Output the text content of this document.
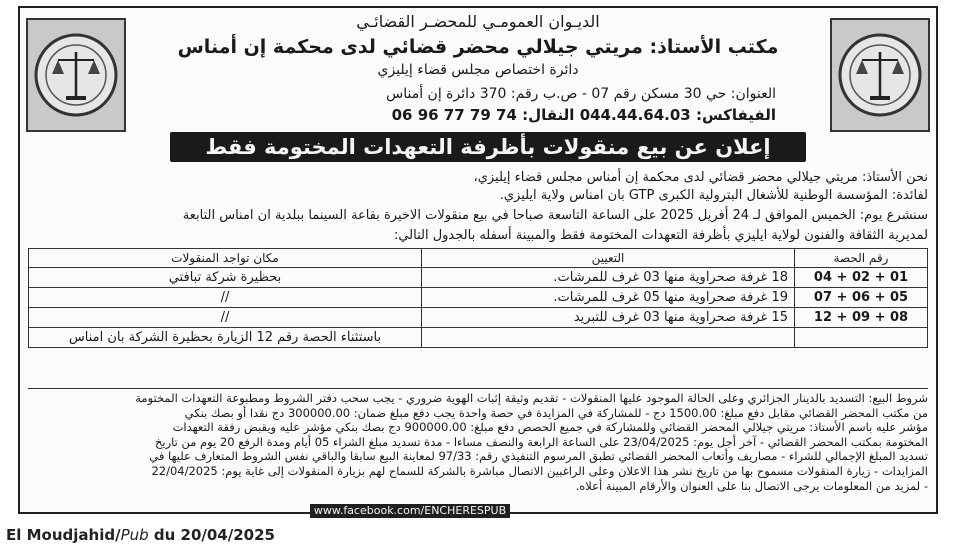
الديـوان العمومـي للمحضـر القضائـي
مكتب الأستاذ: مريتي جيلالي محضر قضائي لدى محكمة إن أمناس
دائرة اختصاص مجلس قضاء إيليزي
العنوان: حي 30 مسكن رقم 07 - ص.ب رقم: 370 دائرة إن أمناس
الفيفاكس: 044.44.64.03 النقال: 74 79 77 96 06
إعلان عن بيع منقولات بأظرفة التعهدات المختومة فقط
نحن الأستاذ: مريتي جيلالي محضر قضائي لدى محكمة إن أمناس مجلس قضاء إيليزي،
لفائدة: المؤسسة الوطنية للأشغال البترولية الكبرى GTP بان امناس ولاية ايليزي.
سنشرع يوم: الخميس الموافق لـ 24 أفريل 2025 على الساعة التاسعة صباحا في بيع منقولات الاخيرة بقاعة السينما ببلدية ان امناس التابعة
لمديرية الثقافة والفنون لولاية ايليزي بأظرفة التعهدات المختومة فقط والمبينة أسفله بالجدول التالي:
رقم الحصة	التعيين	مكان تواجد المنقولات
01 + 02 + 04	18 غرفة صحراوية منها 03 غرف للمرشات.	بحظيرة شركة تبافتي
05 + 06 + 07	19 غرفة صحراوية منها 05 غرف للمرشات.	//
08 + 09 + 12	15 غرفة صحراوية منها 03 غرف للتبريد	//
		باستثناء الحصة رقم 12 الزيارة بحظيرة الشركة بان امناس
شروط البيع: التسديد بالدينار الجزائري وعلى الحالة الموجود عليها المنقولات - تقديم وثيقة إثبات الهوية ضروري - يجب سحب دفتر الشروط ومطبوعة التعهدات المختومة
من مكتب المحضر القضائي مقابل دفع مبلغ: 1500.00 دج - للمشاركة في المزايدة في حصة واحدة يجب دفع مبلغ ضمان: 300000.00 دج نقدا أو بصك بنكي
مؤشر عليه باسم الأستاذ: مريتي جيلالي المحضر القضائي وللمشاركة في جميع الحصص دفع مبلغ: 900000.00 دج بصك بنكي مؤشر عليه ويقبض رفقة التعهدات
المختومة بمكتب المحضر القضائي - آخر أجل يوم: 23/04/2025 على الساعة الرابعة والنصف مساءا - مدة تسديد مبلغ الشراء 05 أيام ومدة الرفع 20 يوم من تاريخ
تسديد المبلغ الإجمالي للشراء - مصاريف وأتعاب المحضر القضائي تطبق المرسوم التنفيذي رقم: 97/33 لمعاينة البيع سابقا والباقي نفس الشروط المتعارف عليها في
المزايدات - زيارة المنقولات مسموح بها من تاريخ نشر هذا الاعلان وعلى الراغبين الاتصال مباشرة بالشركة للسماح لهم بزيارة المنقولات إلى غاية يوم: 22/04/2025
- لمزيد من المعلومات يرجى الاتصال بنا على العنوان والأرقام المبينة أعلاه.
www.facebook.com/ENCHERESPUB
El Moudjahid/Pub du 20/04/2025
